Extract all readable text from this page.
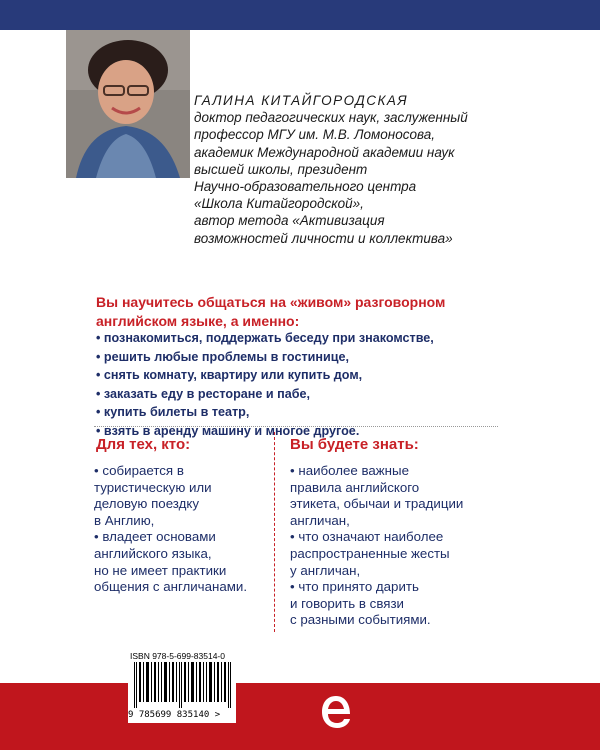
ГАЛИНА КИТАЙГОРОДСКАЯ
доктор педагогических наук, заслуженный
профессор МГУ им. М.В. Ломоносова,
академик Международной академии наук
высшей школы, президент
Научно-образовательного центра
«Школа Китайгородской»,
автор метода «Активизация
возможностей личности и коллектива»
Вы научитесь общаться на «живом» разговорном
английском языке, а именно:
• познакомиться, поддержать беседу при знакомстве,
• решить любые проблемы в гостинице,
• снять комнату, квартиру или купить дом,
• заказать еду в ресторане и пабе,
• купить билеты в театр,
• взять в аренду машину и многое другое.
Для тех, кто:
• собирается в
туристическую или
деловую поездку
в Англию,
• владеет основами
английского языка,
но не имеет практики
общения с англичанами.
Вы будете знать:
• наиболее важные
правила английского
этикета, обычаи и традиции
англичан,
• что означают наиболее
распространенные жесты
у англичан,
• что принято дарить
и говорить в связи
с разными событиями.
ISBN 978-5-699-83514-0
9 785699 835140 >
